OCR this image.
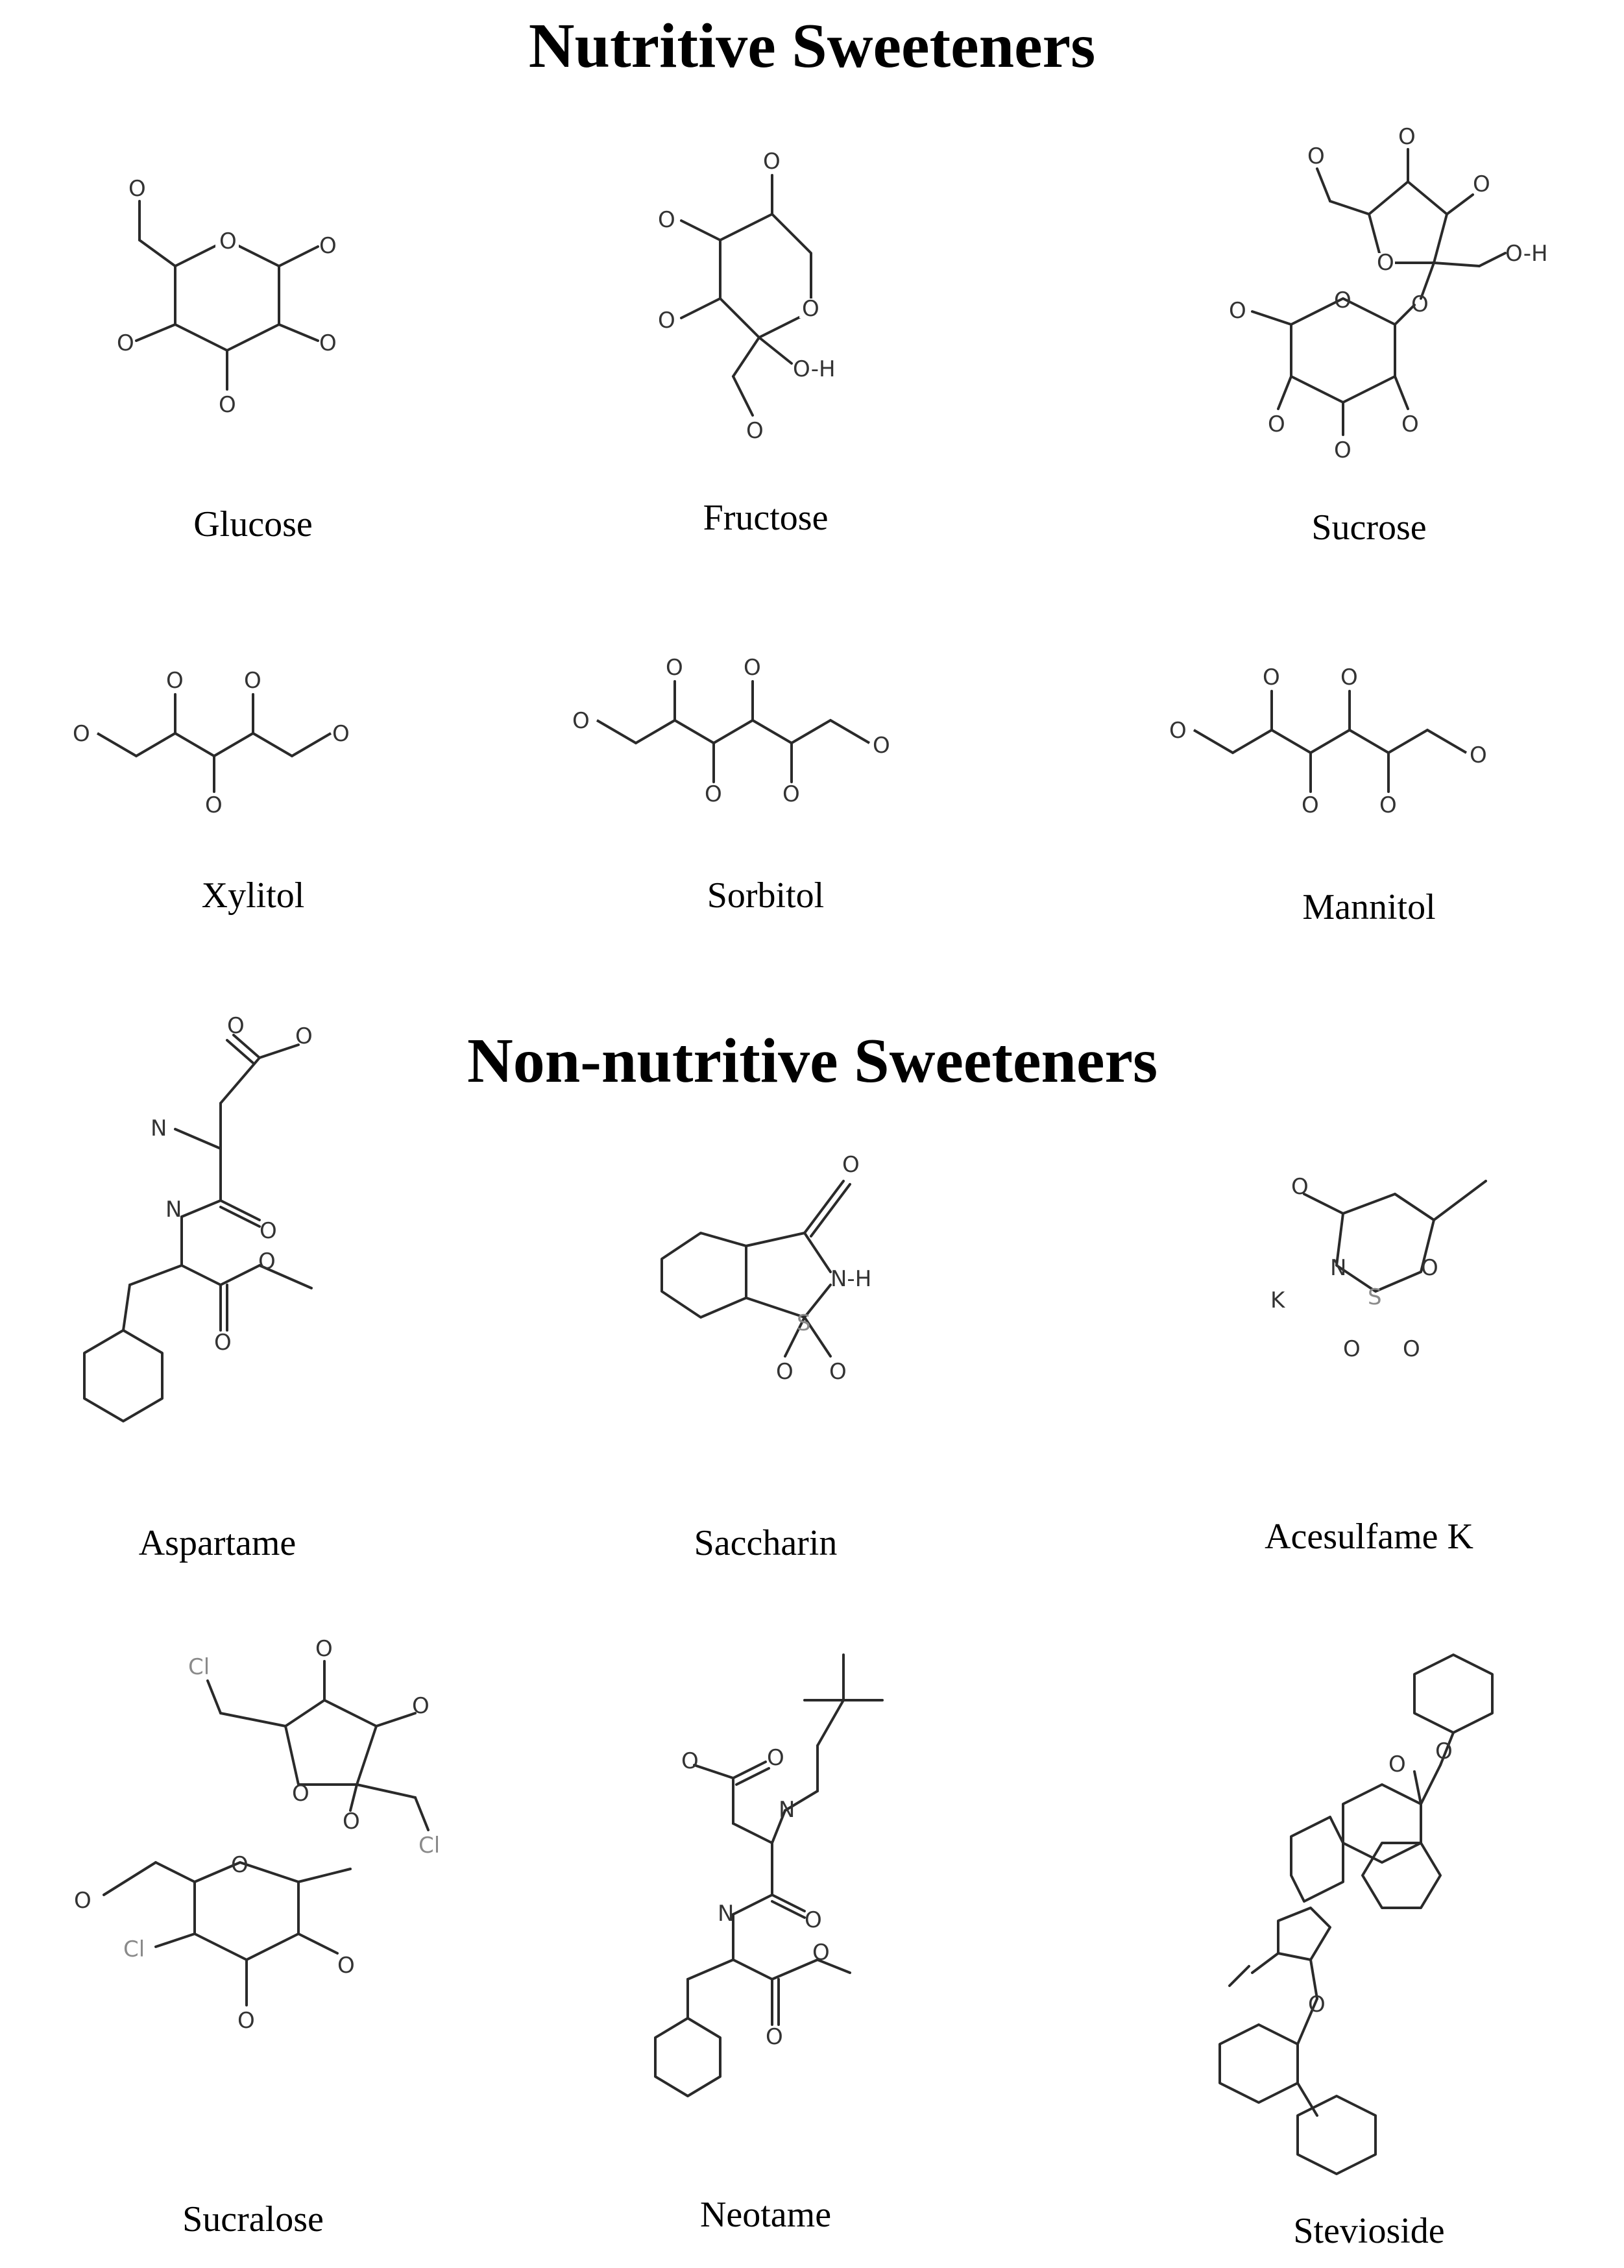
Nutritive Sweeteners
Non-nutritive Sweeteners
O
O
O
O	O
O
Glucose
O
O
O
O
O-H
O
Fructose
O
O	O
O
O
O
O-H
O
O	O
O
Sucrose
O
O
O
O
O
Xylitol
O
O
O
O
O
O
Sorbitol
O
O
O
O
O
O
Mannitol
O O
N
O
N
O
O
Aspartame
O
N-H
S
O
O
Saccharin
O
N	O
S
O O
K
Acesulfame K
Cl
O
O
O
O
Cl
O
O
Cl
O
O
Sucralose
O	O
N
O
N
O
O
Neotame
O
O
O
Stevioside
